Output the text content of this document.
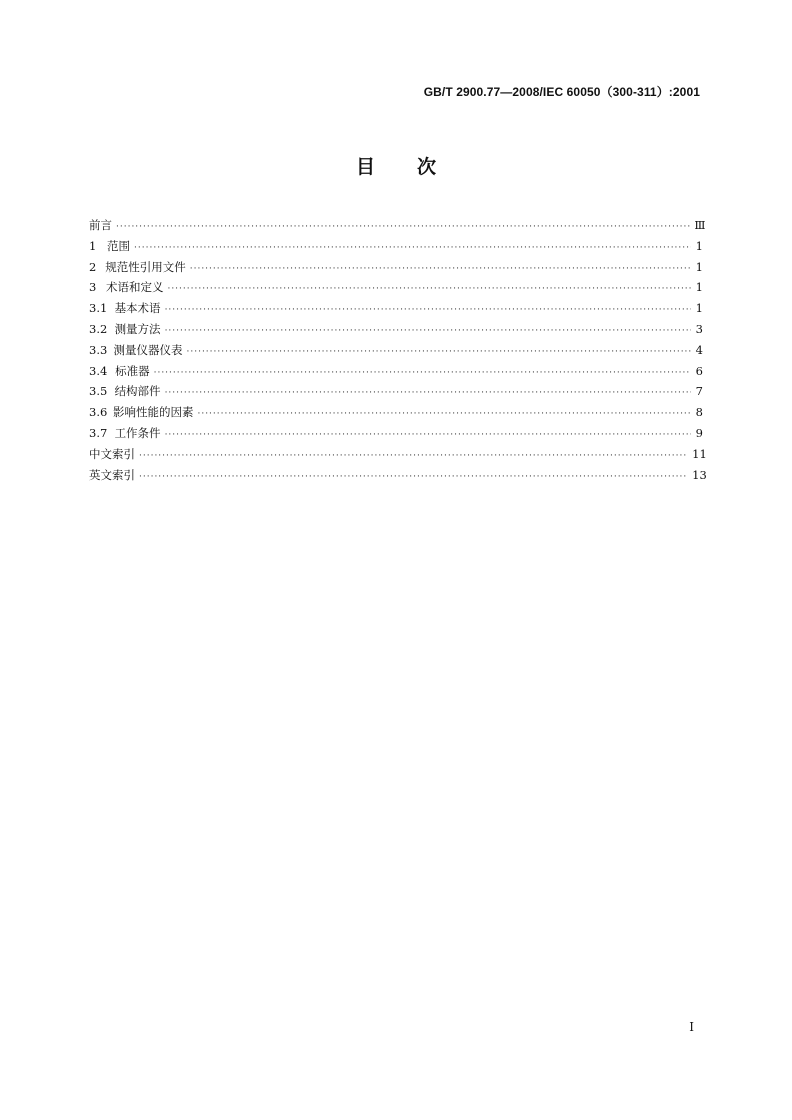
GB/T 2900.77—2008/IEC 60050（300-311）:2001
目 次
前言 ·····	Ⅲ
1 范围 ·····	1
2 规范性引用文件 ·····	1
3 术语和定义 ·····	1
3.1 基本术语 ·····	1
3.2 测量方法 ·····	3
3.3 测量仪器仪表 ·····	4
3.4 标准器 ·····	6
3.5 结构部件 ·····	7
3.6 影响性能的因素 ·····	8
3.7 工作条件 ·····	9
中文索引 ·····	11
英文索引 ·····	13
I
